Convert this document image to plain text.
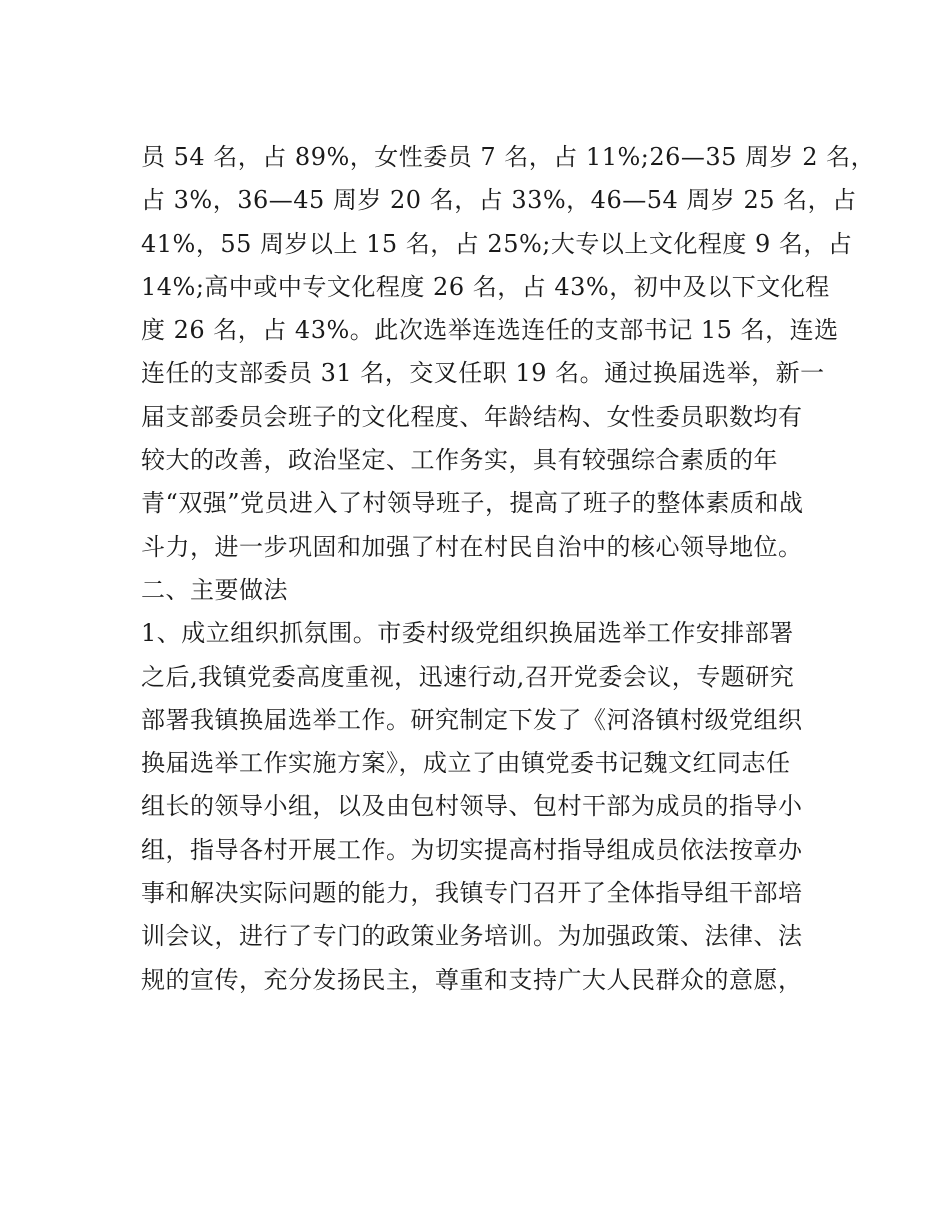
员 54 名，占 89%，女性委员 7 名，占 11%;26—35 周岁 2 名，
占 3%，36—45 周岁 20 名，占 33%，46—54 周岁 25 名，占
41%，55 周岁以上 15 名，占 25%;大专以上文化程度 9 名，占
14%;高中或中专文化程度 26 名，占 43%，初中及以下文化程
度 26 名，占 43%。此次选举连选连任的支部书记 15 名，连选
连任的支部委员 31 名，交叉任职 19 名。通过换届选举，新一
届支部委员会班子的文化程度、年龄结构、女性委员职数均有
较大的改善，政治坚定、工作务实，具有较强综合素质的年
青“双强”党员进入了村领导班子，提高了班子的整体素质和战
斗力，进一步巩固和加强了村在村民自治中的核心领导地位。
二、主要做法
1、成立组织抓氛围。市委村级党组织换届选举工作安排部署
之后,我镇党委高度重视，迅速行动,召开党委会议，专题研究
部署我镇换届选举工作。研究制定下发了《河洛镇村级党组织
换届选举工作实施方案》，成立了由镇党委书记魏文红同志任
组长的领导小组，以及由包村领导、包村干部为成员的指导小
组，指导各村开展工作。为切实提高村指导组成员依法按章办
事和解决实际问题的能力，我镇专门召开了全体指导组干部培
训会议，进行了专门的政策业务培训。为加强政策、法律、法
规的宣传，充分发扬民主，尊重和支持广大人民群众的意愿，
